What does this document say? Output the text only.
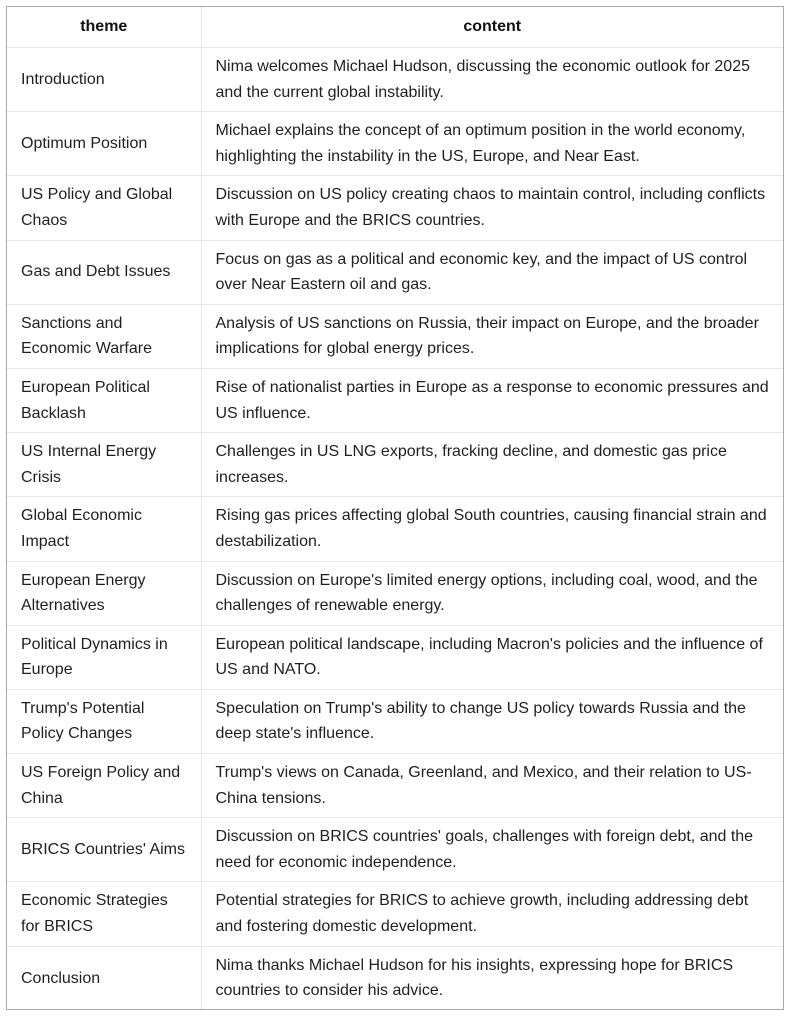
theme	content
Introduction	Nima welcomes Michael Hudson, discussing the economic outlook for 2025 and the current global instability.
Optimum Position	Michael explains the concept of an optimum position in the world economy, highlighting the instability in the US, Europe, and Near East.
US Policy and Global Chaos	Discussion on US policy creating chaos to maintain control, including conflicts with Europe and the BRICS countries.
Gas and Debt Issues	Focus on gas as a political and economic key, and the impact of US control over Near Eastern oil and gas.
Sanctions and Economic Warfare	Analysis of US sanctions on Russia, their impact on Europe, and the broader implications for global energy prices.
European Political Backlash	Rise of nationalist parties in Europe as a response to economic pressures and US influence.
US Internal Energy Crisis	Challenges in US LNG exports, fracking decline, and domestic gas price increases.
Global Economic Impact	Rising gas prices affecting global South countries, causing financial strain and destabilization.
European Energy Alternatives	Discussion on Europe's limited energy options, including coal, wood, and the challenges of renewable energy.
Political Dynamics in Europe	European political landscape, including Macron's policies and the influence of US and NATO.
Trump's Potential Policy Changes	Speculation on Trump's ability to change US policy towards Russia and the deep state's influence.
US Foreign Policy and China	Trump's views on Canada, Greenland, and Mexico, and their relation to US-China tensions.
BRICS Countries' Aims	Discussion on BRICS countries' goals, challenges with foreign debt, and the need for economic independence.
Economic Strategies for BRICS	Potential strategies for BRICS to achieve growth, including addressing debt and fostering domestic development.
Conclusion	Nima thanks Michael Hudson for his insights, expressing hope for BRICS countries to consider his advice.
